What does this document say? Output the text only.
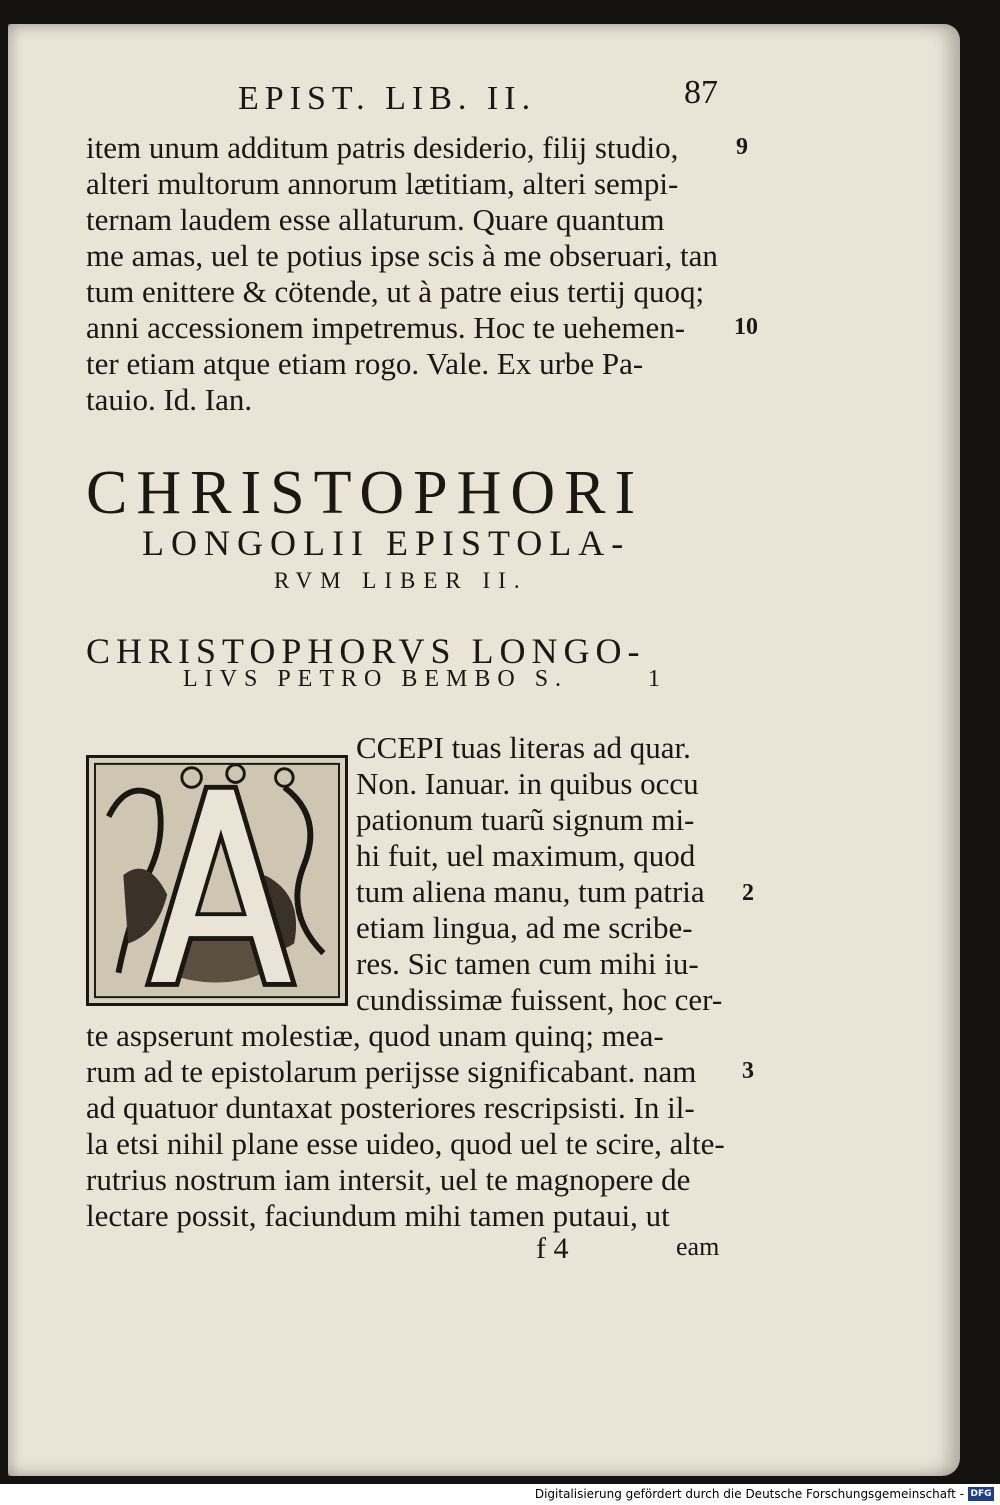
EPIST. LIB. II.	87
item unum additum patris desiderio, filij studio,
alteri multorum annorum lætitiam, alteri sempi-
ternam laudem esse allaturum. Quare quantum
me amas, uel te potius ipse scis à me obseruari, tan
tum enittere & cötende, ut à patre eius tertij quoq;
anni accessionem impetremus. Hoc te uehemen-
ter etiam atque etiam rogo. Vale. Ex urbe Pa-
tauio. Id. Ian.
9
10
CHRISTOPHORI
LONGOLII EPISTOLA-
RVM LIBER II.
CHRISTOPHORVS LONGO-
LIVS PETRO BEMBO S.	1
CCEPI tuas literas ad quar.
Non. Ianuar. in quibus occu
pationum tuarũ signum mi-
hi fuit, uel maximum, quod
tum aliena manu, tum patria
etiam lingua, ad me scribe-
res. Sic tamen cum mihi iu-
cundissimæ fuissent, hoc cer-
2
3
te aspserunt molestiæ, quod unam quinq; mea-
rum ad te epistolarum perijsse significabant. nam
ad quatuor duntaxat posteriores rescripsisti. In il-
la etsi nihil plane esse uideo, quod uel te scire, alte-
rutrius nostrum iam intersit, uel te magnopere de
lectare possit, faciundum mihi tamen putaui, ut
f 4	eam
Digitalisierung gefördert durch die Deutsche Forschungsgemeinschaft - DFG
